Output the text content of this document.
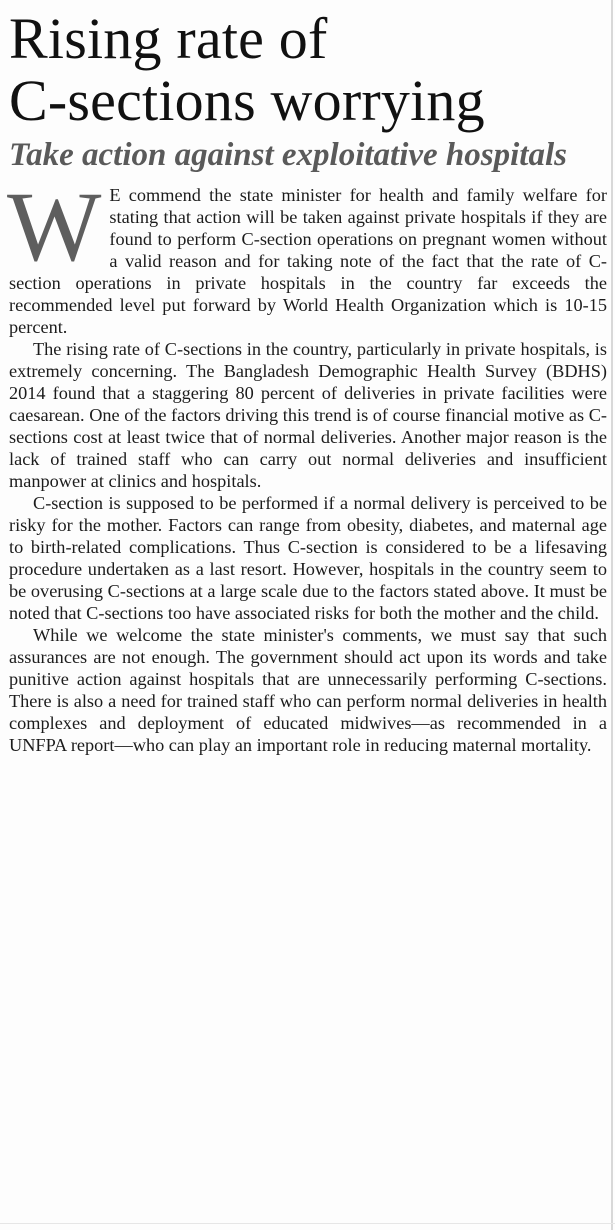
Rising rate of
C-sections worrying
Take action against exploitative hospitals

W E commend the state minister for health and family welfare for stating that action will be taken against private hospitals if they are found to perform C-section operations on pregnant women without a valid reason and for taking note of the fact that the rate of C-section operations in private hospitals in the country far exceeds the recommended level put forward by World Health Organization which is 10-15 percent.

The rising rate of C-sections in the country, particularly in private hospitals, is extremely concerning. The Bangladesh Demographic Health Survey (BDHS) 2014 found that a staggering 80 percent of deliveries in private facilities were caesarean. One of the factors driving this trend is of course financial motive as C-sections cost at least twice that of normal deliveries. Another major reason is the lack of trained staff who can carry out normal deliveries and insufficient manpower at clinics and hospitals.

C-section is supposed to be performed if a normal delivery is perceived to be risky for the mother. Factors can range from obesity, diabetes, and maternal age to birth-related complications. Thus C-section is considered to be a lifesaving procedure undertaken as a last resort. However, hospitals in the country seem to be overusing C-sections at a large scale due to the factors stated above. It must be noted that C-sections too have associated risks for both the mother and the child.

While we welcome the state minister's comments, we must say that such assurances are not enough. The government should act upon its words and take punitive action against hospitals that are unnecessarily performing C-sections. There is also a need for trained staff who can perform normal deliveries in health complexes and deployment of educated midwives—as recommended in a UNFPA report—who can play an important role in reducing maternal mortality.
